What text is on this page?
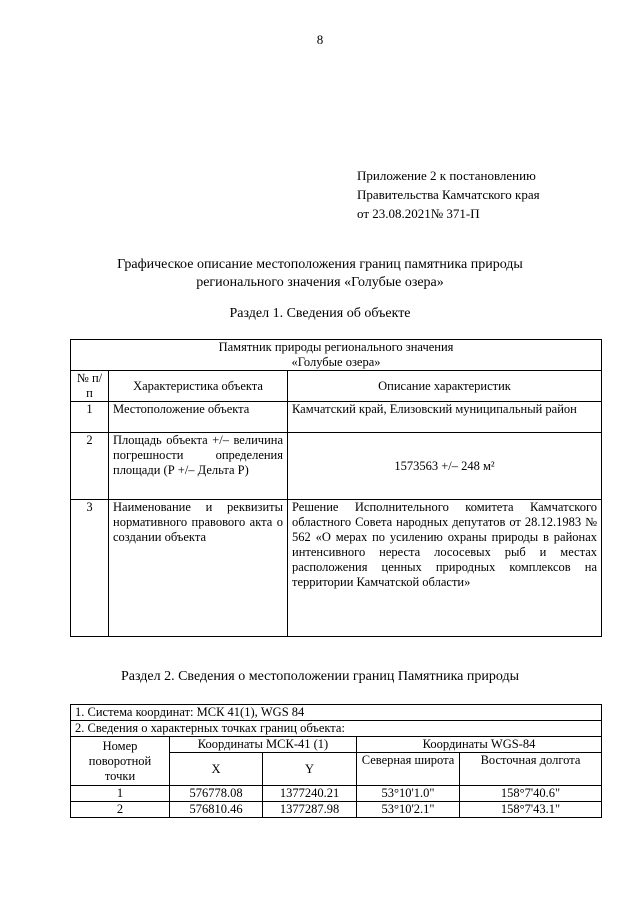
8
Приложение 2 к постановлению
Правительства Камчатского края
от 23.08.2021№ 371-П
Графическое описание местоположения границ памятника природы
регионального значения «Голубые озера»
Раздел 1. Сведения об объекте
Памятник природы регионального значения
«Голубые озера»		

№ п/п	Характеристика объекта	Описание характеристик
1	Местоположение объекта	Камчатский край, Елизовский муниципальный район
2	Площадь объекта +/– величина погрешности определения площади (Р +/– Дельта Р)	1573563 +/– 248 м²
3	Наименование и реквизиты нормативного правового акта о создании объекта	Решение Исполнительного комитета Камчатского областного Совета народных депутатов от 28.12.1983 № 562 «О мерах по усилению охраны природы в районах интенсивного нереста лососевых рыб и местах расположения ценных природных комплексов на территории Камчатской области»
Раздел 2. Сведения о местоположении границ Памятника природы
1. Система координат: МСК 41(1), WGS 84				
2. Сведения о характерных точках границ объекта:				
Номер поворотной точки	Координаты МСК-41 (1)		Координаты WGS-84	
	X	Y	Северная широта	Восточная долгота
1	576778.08	1377240.21	53°10'1.0"	158°7'40.6"
2	576810.46	1377287.98	53°10'2.1"	158°7'43.1"
